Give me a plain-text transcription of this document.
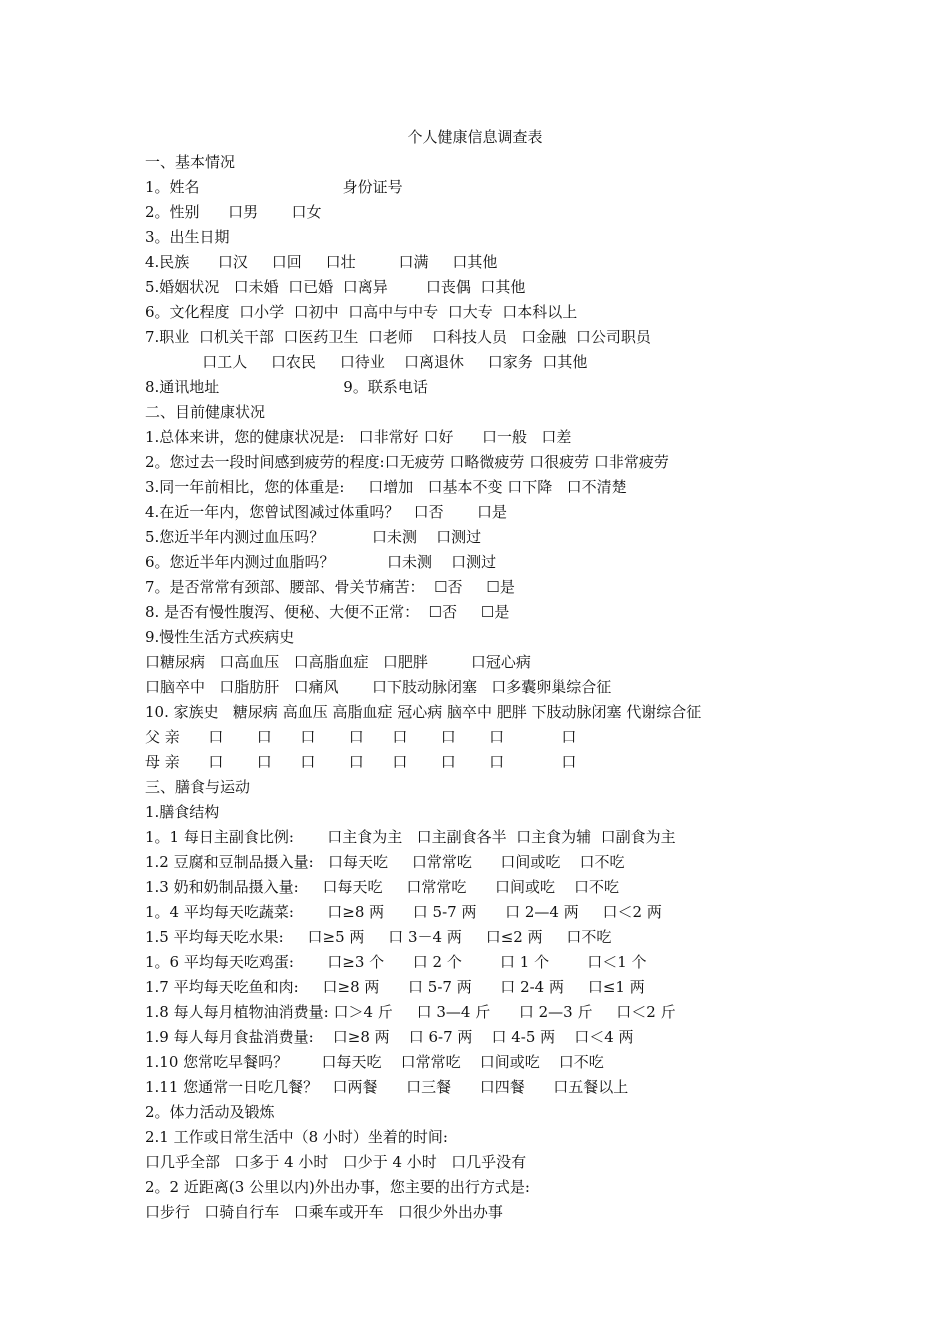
个人健康信息调查表
一、基本情况
1。姓名                              身份证号
2。性别      口男       口女
3。出生日期
4.民族      口汉     口回     口壮         口满     口其他
5.婚姻状况   口未婚  口已婚  口离异        口丧偶  口其他
6。文化程度  口小学  口初中  口高中与中专  口大专  口本科以上
7.职业  口机关干部  口医药卫生  口老师    口科技人员   口金融  口公司职员
口工人     口农民     口待业    口离退休     口家务  口其他
8.通讯地址                          9。联系电话
二、目前健康状况
1.总体来讲，您的健康状况是:   口非常好 口好      口一般   口差
2。您过去一段时间感到疲劳的程度:口无疲劳 口略微疲劳 口很疲劳 口非常疲劳
3.同一年前相比，您的体重是:     口增加   口基本不变 口下降   口不清楚
4.在近一年内，您曾试图减过体重吗？   口否       口是
5.您近半年内测过血压吗？          口未测    口测过
6。您近半年内测过血脂吗？           口未测    口测过
7。是否常常有颈部、腰部、骨关节痛苦：  ☐否     ☐是
8. 是否有慢性腹泻、便秘、大便不正常：  ☐否     ☐是
9.慢性生活方式疾病史
口糖尿病   口高血压   口高脂血症   口肥胖         口冠心病
口脑卒中   口脂肪肝   口痛风       口下肢动脉闭塞   口多囊卵巢综合征
10. 家族史   糖尿病 高血压 高脂血症 冠心病 脑卒中 肥胖 下肢动脉闭塞 代谢综合征
父 亲      口       口      口       口      口       口       口            口
母 亲      口       口      口       口      口       口       口            口
三、膳食与运动
1.膳食结构
1。1 每日主副食比例:       口主食为主   口主副食各半  口主食为辅  口副食为主
1.2 豆腐和豆制品摄入量:   口每天吃     口常常吃      口间或吃    口不吃
1.3 奶和奶制品摄入量:     口每天吃     口常常吃      口间或吃    口不吃
1。4 平均每天吃蔬菜:       口≥8 两      口 5-7 两      口 2—4 两     口＜2 两
1.5 平均每天吃水果:     口≥5 两     口 3－4 两     口≤2 两     口不吃
1。6 平均每天吃鸡蛋:       口≥3 个      口 2 个        口 1 个        口＜1 个
1.7 平均每天吃鱼和肉:     口≥8 两      口 5-7 两      口 2-4 两     口≤1 两
1.8 每人每月植物油消费量: 口＞4 斤     口 3—4 斤      口 2—3 斤     口＜2 斤
1.9 每人每月食盐消费量:    口≥8 两    口 6-7 两    口 4-5 两    口＜4 两
1.10 您常吃早餐吗？       口每天吃    口常常吃    口间或吃    口不吃
1.11 您通常一日吃几餐？   口两餐      口三餐      口四餐      口五餐以上
2。体力活动及锻炼
2.1 工作或日常生活中（8 小时）坐着的时间:
口几乎全部   口多于 4 小时   口少于 4 小时   口几乎没有
2。2 近距离(3 公里以内)外出办事，您主要的出行方式是:
口步行   口骑自行车   口乘车或开车   口很少外出办事
